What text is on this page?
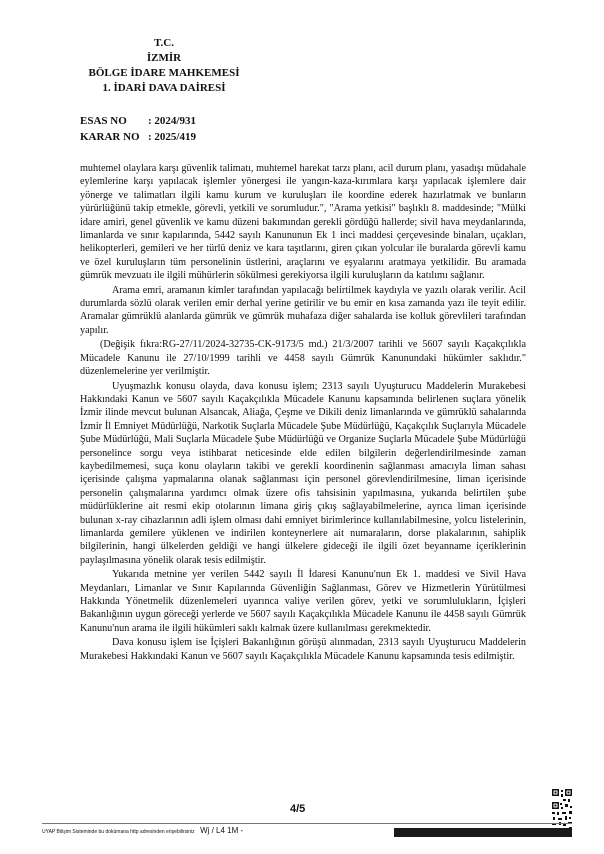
T.C.
İZMİR
BÖLGE İDARE MAHKEMESİ
1. İDARİ DAVA DAİRESİ
ESAS NO : 2024/931
KARAR NO : 2025/419

muhtemel olaylara karşı güvenlik talimatı, muhtemel harekat tarzı planı, acil durum planı, yasadışı müdahale eylemlerine karşı yapılacak işlemler yönergesi ile yangın-kaza-kırımlara karşı yapılacak işlemlere dair yönerge ve talimatları ilgili kamu kurum ve kuruluşları ile koordine ederek hazırlatmak ve bunların yürürlüğünü takip etmekle, görevli, yetkili ve sorumludur.", "Arama yetkisi" başlıklı 8. maddesinde; "Mülki idare amiri, genel güvenlik ve kamu düzeni bakımından gerekli gördüğü hallerde; sivil hava meydanlarında, limanlarda ve sınır kapılarında, 5442 sayılı Kanununun Ek 1 inci maddesi çerçevesinde binaları, uçakları, helikopterleri, gemileri ve her türlü deniz ve kara taşıtlarını, giren çıkan yolcular ile buralarda görevli kamu ve özel kuruluşların tüm personelinin üstlerini, araçlarını ve eşyalarını aratmaya yetkilidir. Bu aramada gümrük mevzuatı ile ilgili mühürlerin sökülmesi gerekiyorsa ilgili kuruluşların da katılımı sağlanır.

Arama emri, aramanın kimler tarafından yapılacağı belirtilmek kaydıyla ve yazılı olarak verilir. Acil durumlarda sözlü olarak verilen emir derhal yerine getirilir ve bu emir en kısa zamanda yazı ile teyit edilir. Aramalar gümrüklü alanlarda gümrük ve gümrük muhafaza diğer sahalarda ise kolluk görevlileri tarafından yapılır.

(Değişik fıkra:RG-27/11/2024-32735-CK-9173/5 md.) 21/3/2007 tarihli ve 5607 sayılı Kaçakçılıkla Mücadele Kanunu ile 27/10/1999 tarihli ve 4458 sayılı Gümrük Kanunundaki hükümler saklıdır." düzenlemelerine yer verilmiştir.

Uyuşmazlık konusu olayda, dava konusu işlem; 2313 sayılı Uyuşturucu Maddelerin Murakebesi Hakkındaki Kanun ve 5607 sayılı Kaçakçılıkla Mücadele Kanunu kapsamında belirlenen suçlara yönelik İzmir ilinde mevcut bulunan Alsancak, Aliağa, Çeşme ve Dikili deniz limanlarında ve gümrüklü sahalarında İzmir İl Emniyet Müdürlüğü, Narkotik Suçlarla Mücadele Şube Müdürlüğü, Kaçakçılık Suçlarıyla Mücadele Şube Müdürlüğü, Mali Suçlarla Mücadele Şube Müdürlüğü ve Organize Suçlarla Mücadele Şube Müdürlüğü personelince sorgu veya istihbarat neticesinde elde edilen bilgilerin değerlendirilmesinde zaman kaybedilmemesi, suça konu olayların takibi ve gerekli koordinenin sağlanması amacıyla liman sahası içerisinde çalışma yapmalarına olanak sağlanması için personel görevlendirilmesine, liman içerisinde personelin çalışmalarına yardımcı olmak üzere ofis tahsisinin yapılmasına, yukarıda belirtilen şube müdürlüklerine ait resmi ekip otolarının limana giriş çıkış sağlayabilmelerine, ayrıca liman içerisinde bulunan x-ray cihazlarının adli işlem olması dahi emniyet birimlerince kullanılabilmesine, yolcu listelerinin, limanlarda gemilere yüklenen ve indirilen konteynerlere ait numaraların, dorse plakalarının, sahiplik bilgilerinin, hangi ülkelerden geldiği ve hangi ülkelere gideceği ile ilgili özet beyanname içeriklerinin paylaşılmasına yönelik olarak tesis edilmiştir.

Yukarıda metnine yer verilen 5442 sayılı İl İdaresi Kanunu'nun Ek 1. maddesi ve Sivil Hava Meydanları, Limanlar ve Sınır Kapılarında Güvenliğin Sağlanması, Görev ve Hizmetlerin Yürütülmesi Hakkında Yönetmelik düzenlemeleri uyarınca valiye verilen görev, yetki ve sorumlulukların, İçişleri Bakanlığının uygun göreceği yerlerde ve 5607 sayılı Kaçakçılıkla Mücadele Kanunu ile 4458 sayılı Gümrük Kanunu'nun arama ile ilgili hükümleri saklı kalmak üzere kullanılması gerekmektedir.

Dava konusu işlem ise İçişleri Bakanlığının görüşü alınmadan, 2313 sayılı Uyuşturucu Maddelerin Murakebesi Hakkındaki Kanun ve 5607 sayılı Kaçakçılıkla Mücadele Kanunu kapsamında tesis edilmiştir.

4/5
UYAP Bilişim Sisteminde bu dokümana http adresinden erişebilirsiniz Wj / L4 1M -
